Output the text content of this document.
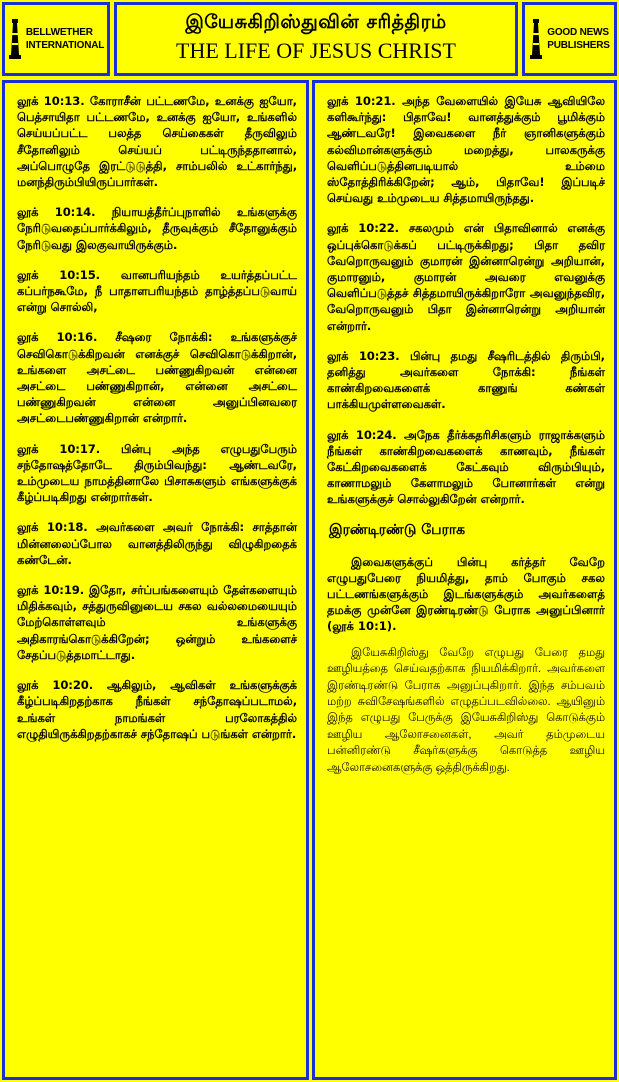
BELLWETHER
INTERNATIONAL
இயேசுகிறிஸ்துவின் சரித்திரம்
THE LIFE OF JESUS CHRIST
GOOD NEWS
PUBLISHERS

லூக் 10:13. கோராசீன் பட்டணமே, உனக்கு ஐயோ, பெத்சாயிதா பட்டணமே, உனக்கு ஐயோ, உங்களில் செய்யப்பட்ட பலத்த செய்கைகள் தீருவிலும் சீதோனிலும் செய்யப் பட்டிருந்ததானால், அப்பொழுதே இரட்டுடுத்தி, சாம்பலில் உட்கார்ந்து, மனந்திரும்பியிருப்பார்கள்.

லூக் 10:14. நியாயத்தீர்ப்புநாளில் உங்களுக்கு நேரிடுவதைப்பார்க்கிலும், தீருவுக்கும் சீதோனுக்கும் நேரிடுவது இலகுவாயிருக்கும்.

லூக் 10:15. வானபரியந்தம் உயர்த்தப்பட்ட கப்பர்நகூமே, நீ பாதாளபரியந்தம் தாழ்த்தப்படுவாய் என்று சொல்லி,

லூக் 10:16. சீஷரை நோக்கி: உங்களுக்குச் செவிகொடுக்கிறவன் எனக்குச் செவிகொடுக்கிறான், உங்களை அசட்டை பண்ணுகிறவன் என்னை அசட்டை பண்ணுகிறான், என்னை அசட்டை பண்ணுகிறவன் என்னை அனுப்பினவரை அசட்டைபண்ணுகிறான் என்றார்.

லூக் 10:17. பின்பு அந்த எழுபதுபேரும் சந்தோஷத்தோடே திரும்பிவந்து: ஆண்டவரே, உம்முடைய நாமத்தினாலே பிசாசுகளும் எங்களுக்குக் கீழ்ப்படிகிறது என்றார்கள்.

லூக் 10:18. அவர்களை அவர் நோக்கி: சாத்தான் மின்னலைப்போல வானத்திலிருந்து விழுகிறதைக் கண்டேன்.

லூக் 10:19. இதோ, சர்ப்பங்களையும் தேள்களையும் மிதிக்கவும், சத்துருவினுடைய சகல வல்லமையையும் மேற்கொள்ளவும் உங்களுக்கு அதிகாரங்கொடுக்கிறேன்; ஒன்றும் உங்களைச் சேதப்படுத்தமாட்டாது.

லூக் 10:20. ஆகிலும், ஆவிகள் உங்களுக்குக் கீழ்ப்படிகிறதற்காக நீங்கள் சந்தோஷப்படாமல், உங்கள் நாமங்கள் பரலோகத்தில் எழுதியிருக்கிறதற்காகச் சந்தோஷப் படுங்கள் என்றார்.

லூக் 10:21. அந்த வேளையில் இயேசு ஆவியிலே களிகூர்ந்து: பிதாவே! வானத்துக்கும் பூமிக்கும் ஆண்டவரே! இவைகளை நீர் ஞானிகளுக்கும் கல்விமான்களுக்கும் மறைத்து, பாலகருக்கு வெளிப்படுத்தினபடியால் உம்மை ஸ்தோத்திரிக்கிறேன்; ஆம், பிதாவே! இப்படிச் செய்வது உம்முடைய சித்தமாயிருந்தது.

லூக் 10:22. சகலமும் என் பிதாவினால் எனக்கு ஒப்புக்கொடுக்கப் பட்டிருக்கிறது; பிதா தவிர வேறொருவனும் குமாரன் இன்னாரென்று அறியான், குமாரனும், குமாரன் அவரை எவனுக்கு வெளிப்படுத்தச் சித்தமாயிருக்கிறாரோ அவனுந்தவிர, வேறொருவனும் பிதா இன்னாரென்று அறியான் என்றார்.

லூக் 10:23. பின்பு தமது சீஷரிடத்தில் திரும்பி, தனித்து அவர்களை நோக்கி: நீங்கள் காண்கிறவைகளைக் காணுங் கண்கள் பாக்கியமுள்ளவைகள்.

லூக் 10:24. அநேக தீர்க்கதரிசிகளும் ராஜாக்களும் நீங்கள் காண்கிறவைகளைக் காணவும், நீங்கள் கேட்கிறவைகளைக் கேட்கவும் விரும்பியும், காணாமலும் கேளாமலும் போனார்கள் என்று உங்களுக்குச் சொல்லுகிறேன் என்றார்.

இரண்டிரண்டு பேராக

இவைகளுக்குப் பின்பு கர்த்தர் வேறே எழுபதுபேரை நியமித்து, தாம் போகும் சகல பட்டணங்களுக்கும் இடங்களுக்கும் அவர்களைத் தமக்கு முன்னே இரண்டிரண்டு பேராக அனுப்பினார் (லூக் 10:1).

இயேசுகிறிஸ்து வேறே எழுபது பேரை தமது ஊழியத்தை செய்வதற்காக நியமிக்கிறார். அவர்களை இரண்டிரண்டு பேராக அனுப்புகிறார். இந்த சம்பவம் மற்ற சுவிசேஷங்களில் எழுதப்படவில்லை. ஆயினும் இந்த எழுபது பேருக்கு இயேசுகிறிஸ்து கொடுக்கும் ஊழிய ஆலோசனைகள், அவர் தம்முடைய பன்னிரண்டு சீஷர்களுக்கு கொடுத்த ஊழிய ஆலோசனைகளுக்கு ஒத்திருக்கிறது.
